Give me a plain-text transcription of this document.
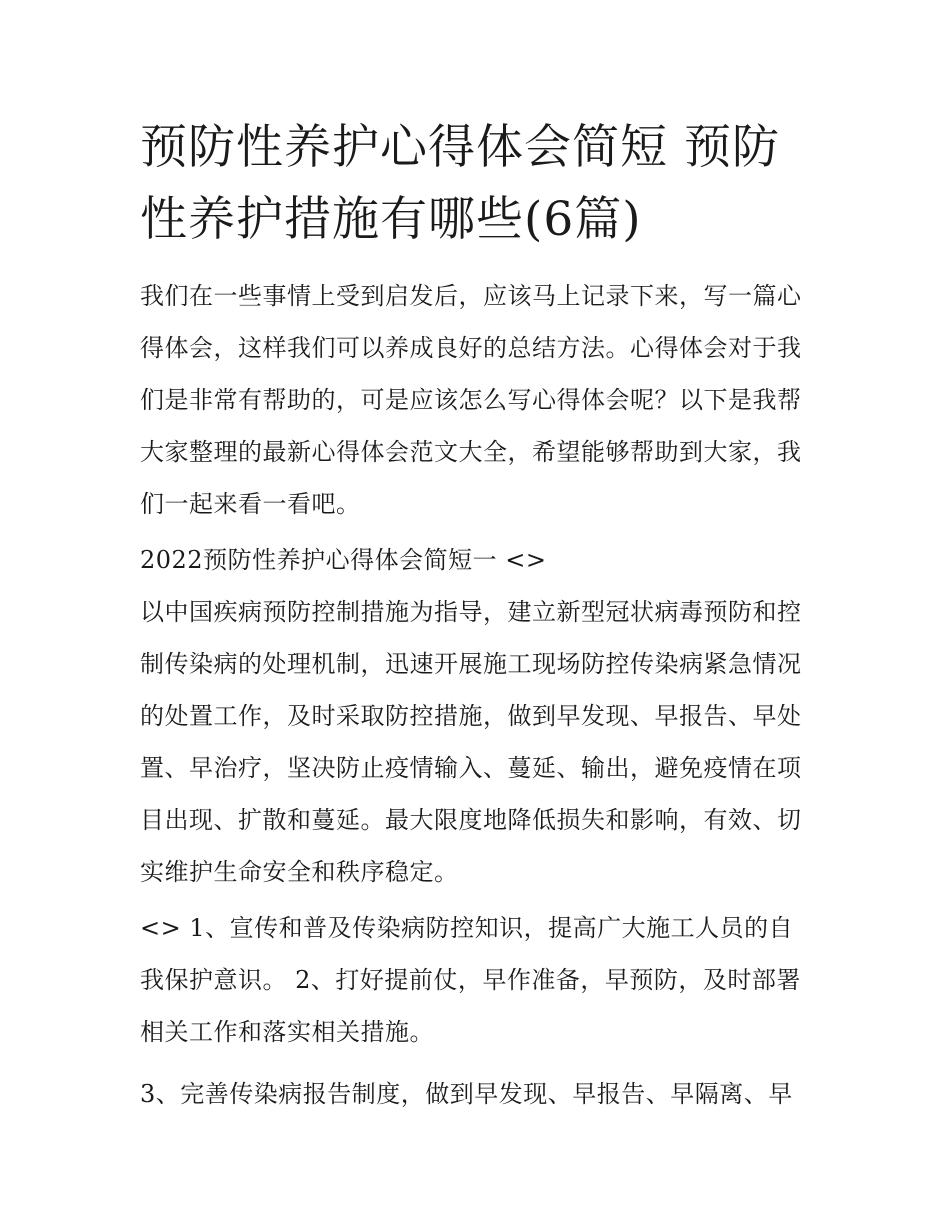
预防性养护心得体会简短 预防性养护措施有哪些(6篇)

我们在一些事情上受到启发后，应该马上记录下来，写一篇心得体会，这样我们可以养成良好的总结方法。心得体会对于我们是非常有帮助的，可是应该怎么写心得体会呢？以下是我帮大家整理的最新心得体会范文大全，希望能够帮助到大家，我们一起来看一看吧。

2022预防性养护心得体会简短一 <>

以中国疾病预防控制措施为指导，建立新型冠状病毒预防和控制传染病的处理机制，迅速开展施工现场防控传染病紧急情况的处置工作，及时采取防控措施，做到早发现、早报告、早处置、早治疗，坚决防止疫情输入、蔓延、输出，避免疫情在项目出现、扩散和蔓延。最大限度地降低损失和影响，有效、切实维护生命安全和秩序稳定。

<> 1、宣传和普及传染病防控知识，提高广大施工人员的自我保护意识。 2、打好提前仗，早作准备，早预防，及时部署相关工作和落实相关措施。

3、完善传染病报告制度，做到早发现、早报告、早隔离、早
